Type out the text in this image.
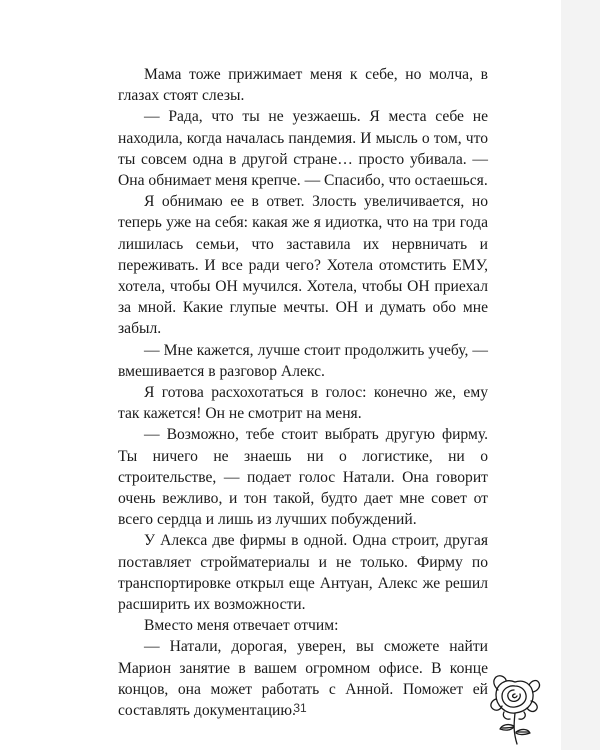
Мама тоже прижимает меня к себе, но молча, в глазах стоят слезы.

— Рада, что ты не уезжаешь. Я места себе не находила, когда началась пандемия. И мысль о том, что ты совсем одна в другой стране… просто убивала. — Она обнимает меня крепче. — Спасибо, что остаешься.

Я обнимаю ее в ответ. Злость увеличивается, но теперь уже на себя: какая же я идиотка, что на три года лишилась семьи, что заставила их нервничать и переживать. И все ради чего? Хотела отомстить ЕМУ, хотела, чтобы ОН мучился. Хотела, чтобы ОН приехал за мной. Какие глупые мечты. ОН и думать обо мне забыл.

— Мне кажется, лучше стоит продолжить учебу, — вмешивается в разговор Алекс.

Я готова расхохотаться в голос: конечно же, ему так кажется! Он не смотрит на меня.

— Возможно, тебе стоит выбрать другую фирму. Ты ничего не знаешь ни о логистике, ни о строительстве, — подает голос Натали. Она говорит очень вежливо, и тон такой, будто дает мне совет от всего сердца и лишь из лучших побуждений.

У Алекса две фирмы в одной. Одна строит, другая поставляет стройматериалы и не только. Фирму по транспортировке открыл еще Антуан, Алекс же решил расширить их возможности.

Вместо меня отвечает отчим:

— Натали, дорогая, уверен, вы сможете найти Марион занятие в вашем огромном офисе. В конце концов, она может работать с Анной. Поможет ей составлять документацию.

31
